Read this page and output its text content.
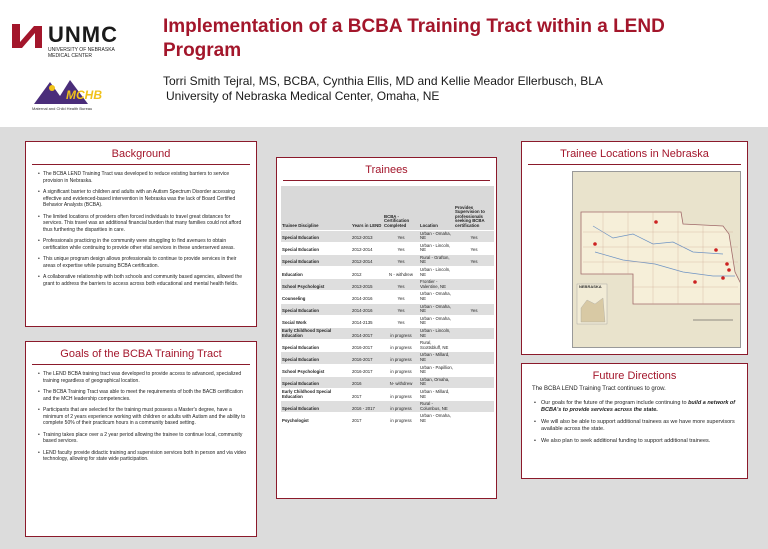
UNMC
UNIVERSITY OF NEBRASKA
MEDICAL CENTER
MCHB
Maternal and Child Health Bureau
Implementation of a BCBA Training Tract within a LEND Program
Torri Smith Tejral, MS, BCBA, Cynthia Ellis, MD and Kellie Meador Ellerbusch, BLA
University of Nebraska Medical Center, Omaha, NE
Background
• The BCBA LEND Training Tract was developed to reduce existing barriers to service provision in Nebraska.
• A significant barrier to children and adults with an Autism Spectrum Disorder accessing effective and evidenced-based intervention in Nebraska was the lack of Board Certified Behavior Analysts (BCBA).
• The limited locations of providers often forced individuals to travel great distances for services. This travel was an additional financial burden that many families could not afford thus furthering the disparities in care.
• Professionals practicing in the community were struggling to find avenues to obtain certification while continuing to provide other vital services in these underserved areas.
• This unique program design allows professionals to continue to provide services in their areas of expertise while pursuing BCBA certification.
• A collaborative relationship with both schools and community based agencies, allowed the grant to address the barriers to access across both educational and mental health fields.
Goals of the BCBA Training Tract
• The LEND BCBA training tract was developed to provide access to advanced, specialized training regardless of geographical location.
• The BCBA Training Tract was able to meet the requirements of both the BACB certification and the MCH leadership competencies.
• Participants that are selected for the training must possess a Master's degree, have a minimum of 2 years experience working with children or adults with Autism and the ability to complete 50% of their practicum hours in a community based setting.
• Training takes place over a 2 year period allowing the trainee to continue local, community based services.
• LEND faculty provide didactic training and supervision services both in person and via video technology, allowing for state wide participation.
Trainees
Trainee Discipline	Years in LEND	BCBA - Certification Completed	Location	Provides Supervision to professionals seeking BCBA certification
Special Education	2012-2013	Yes	Urban - Omaha, NE	Yes
Special Education	2012-2014	Yes	Urban - Lincoln, NE	Yes
Special Education	2012-2014	Yes	Rural - Grafton, NE	Yes
Education	2012	N - withdrew	Urban - Lincoln, NE	
School Psychologist	2013-2015	Yes	Frontier - Valentine, NE	
Counseling	2014-2016	Yes	Urban - Omaha, NE	
Special Education	2014-2016	Yes	Urban - Omaha, NE	Yes
Social Work	2014-2135	Yes	Urban - Omaha, NE	
Early Childhood Special Education	2014-2017	in progress	Urban - Lincoln, NE	
Special Education	2016-2017	in progress	Rural, Scottsbluff, NE	
Special Education	2016-2017	in progress	Urban - Millard, NE	
School Psychologist	2016-2017	in progress	Urban - Papillion, NE	
Special Education	2016	N- withdrew	Urban, Omaha, NE	
Early Childhood Special Education	2017	in progress	Urban - Millard, NE	
Special Education	2016 - 2017	in progress	Rural - Columbus, NE	
Psychologist	2017	in progress	Urban - Omaha, NE	
Trainee Locations in Nebraska
NEBRASKA
Future Directions
The BCBA LEND Training Tract continues to grow.
• Our goals for the future of the program include continuing to build a network of BCBA's to provide services across the state.
• We will also be able to support additional trainees as we have more supervisors available across the state.
• We also plan to seek additional funding to support additional trainees.
